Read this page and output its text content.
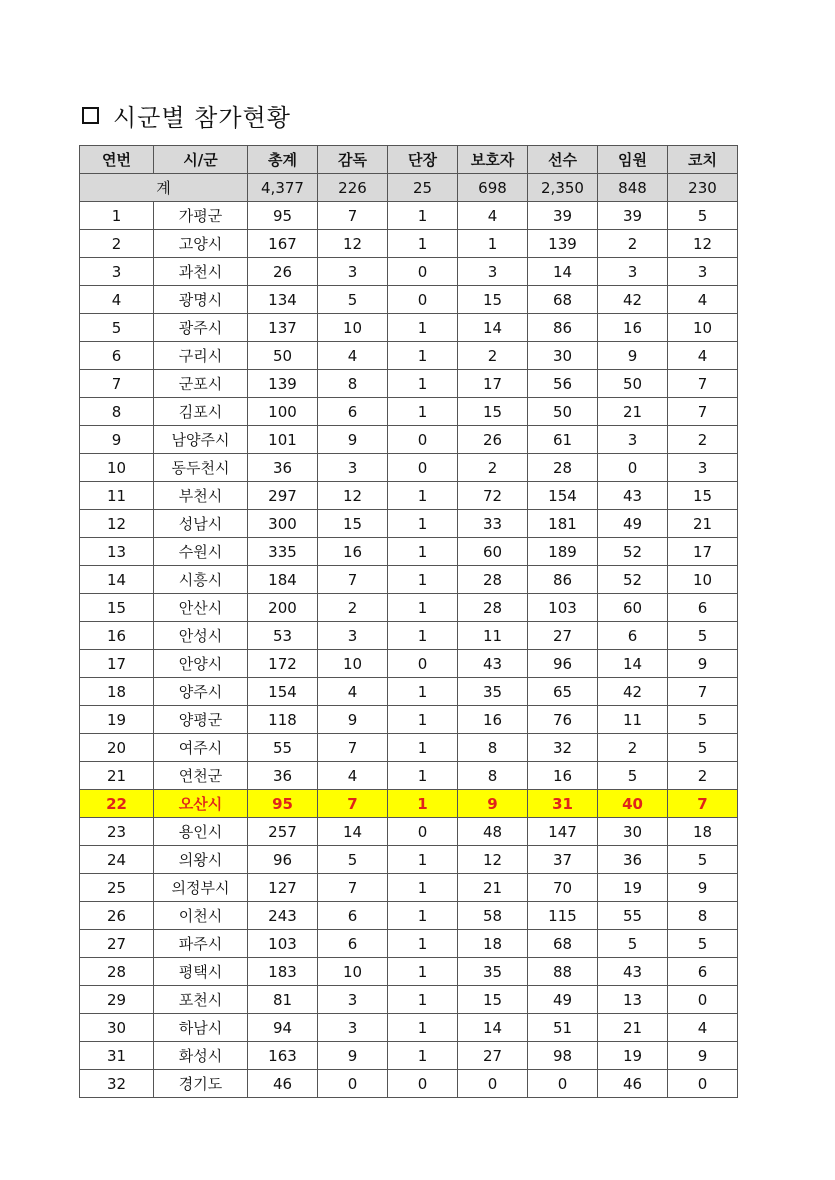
시군별 참가현황
연번	시/군	총계	감독	단장	보호자	선수	임원	코치
계		4,377	226	25	698	2,350	848	230
1	가평군	95	7	1	4	39	39	5
2	고양시	167	12	1	1	139	2	12
3	과천시	26	3	0	3	14	3	3
4	광명시	134	5	0	15	68	42	4
5	광주시	137	10	1	14	86	16	10
6	구리시	50	4	1	2	30	9	4
7	군포시	139	8	1	17	56	50	7
8	김포시	100	6	1	15	50	21	7
9	남양주시	101	9	0	26	61	3	2
10	동두천시	36	3	0	2	28	0	3
11	부천시	297	12	1	72	154	43	15
12	성남시	300	15	1	33	181	49	21
13	수원시	335	16	1	60	189	52	17
14	시흥시	184	7	1	28	86	52	10
15	안산시	200	2	1	28	103	60	6
16	안성시	53	3	1	11	27	6	5
17	안양시	172	10	0	43	96	14	9
18	양주시	154	4	1	35	65	42	7
19	양평군	118	9	1	16	76	11	5
20	여주시	55	7	1	8	32	2	5
21	연천군	36	4	1	8	16	5	2
22	오산시	95	7	1	9	31	40	7
23	용인시	257	14	0	48	147	30	18
24	의왕시	96	5	1	12	37	36	5
25	의정부시	127	7	1	21	70	19	9
26	이천시	243	6	1	58	115	55	8
27	파주시	103	6	1	18	68	5	5
28	평택시	183	10	1	35	88	43	6
29	포천시	81	3	1	15	49	13	0
30	하남시	94	3	1	14	51	21	4
31	화성시	163	9	1	27	98	19	9
32	경기도	46	0	0	0	0	46	0
